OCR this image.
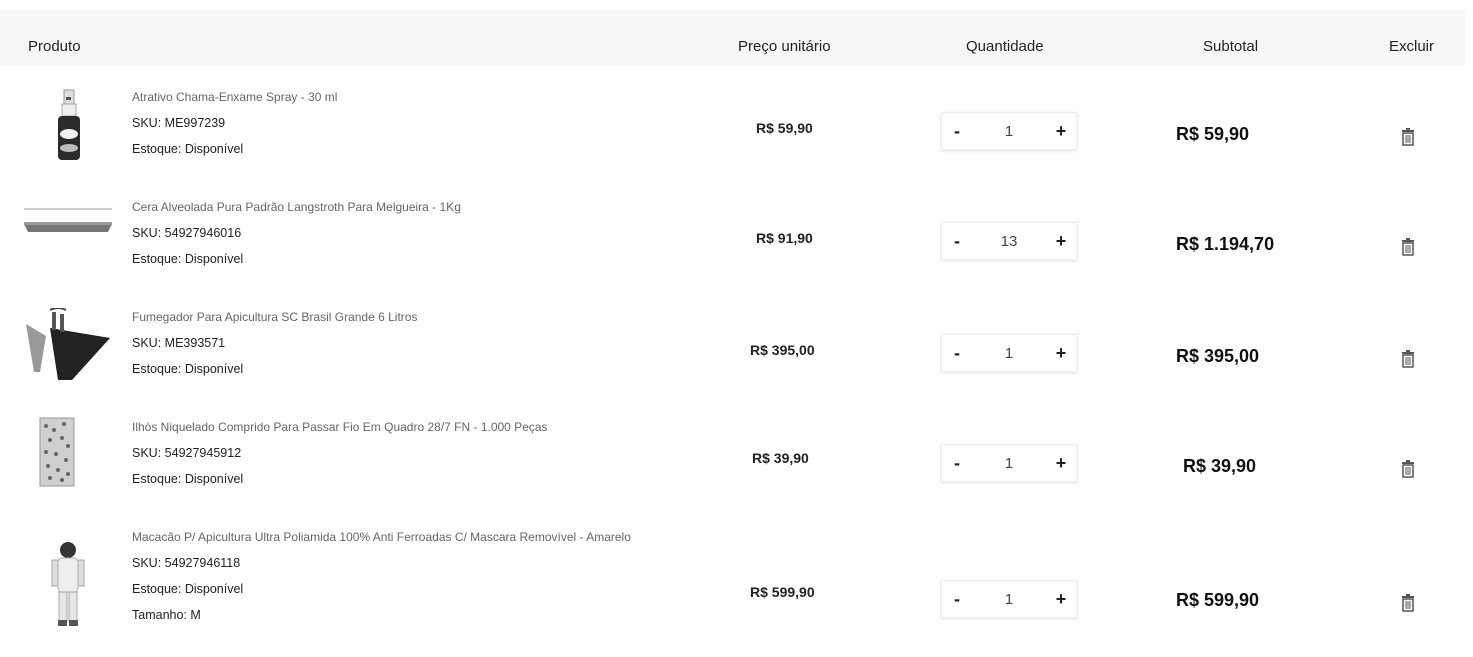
Produto	Preço unitário	Quantidade	Subtotal	Excluir
Atrativo Chama-Enxame Spray - 30 ml
SKU: ME997239
Estoque: Disponível
R$ 59,90	-	1	+	R$ 59,90
Cera Alveolada Pura Padrão Langstroth Para Melgueira - 1Kg
SKU: 54927946016
Estoque: Disponível
R$ 91,90	-	13	+	R$ 1.194,70
Fumegador Para Apicultura SC Brasil Grande 6 Litros
SKU: ME393571
Estoque: Disponível
R$ 395,00	-	1	+	R$ 395,00
Ilhós Niquelado Comprido Para Passar Fio Em Quadro 28/7 FN - 1.000 Peças
SKU: 54927945912
Estoque: Disponível
R$ 39,90	-	1	+	R$ 39,90
Macacão P/ Apicultura Ultra Poliamida 100% Anti Ferroadas C/ Mascara Removível - Amarelo
SKU: 54927946118
Estoque: Disponível
Tamanho: M
R$ 599,90	-	1	+	R$ 599,90
